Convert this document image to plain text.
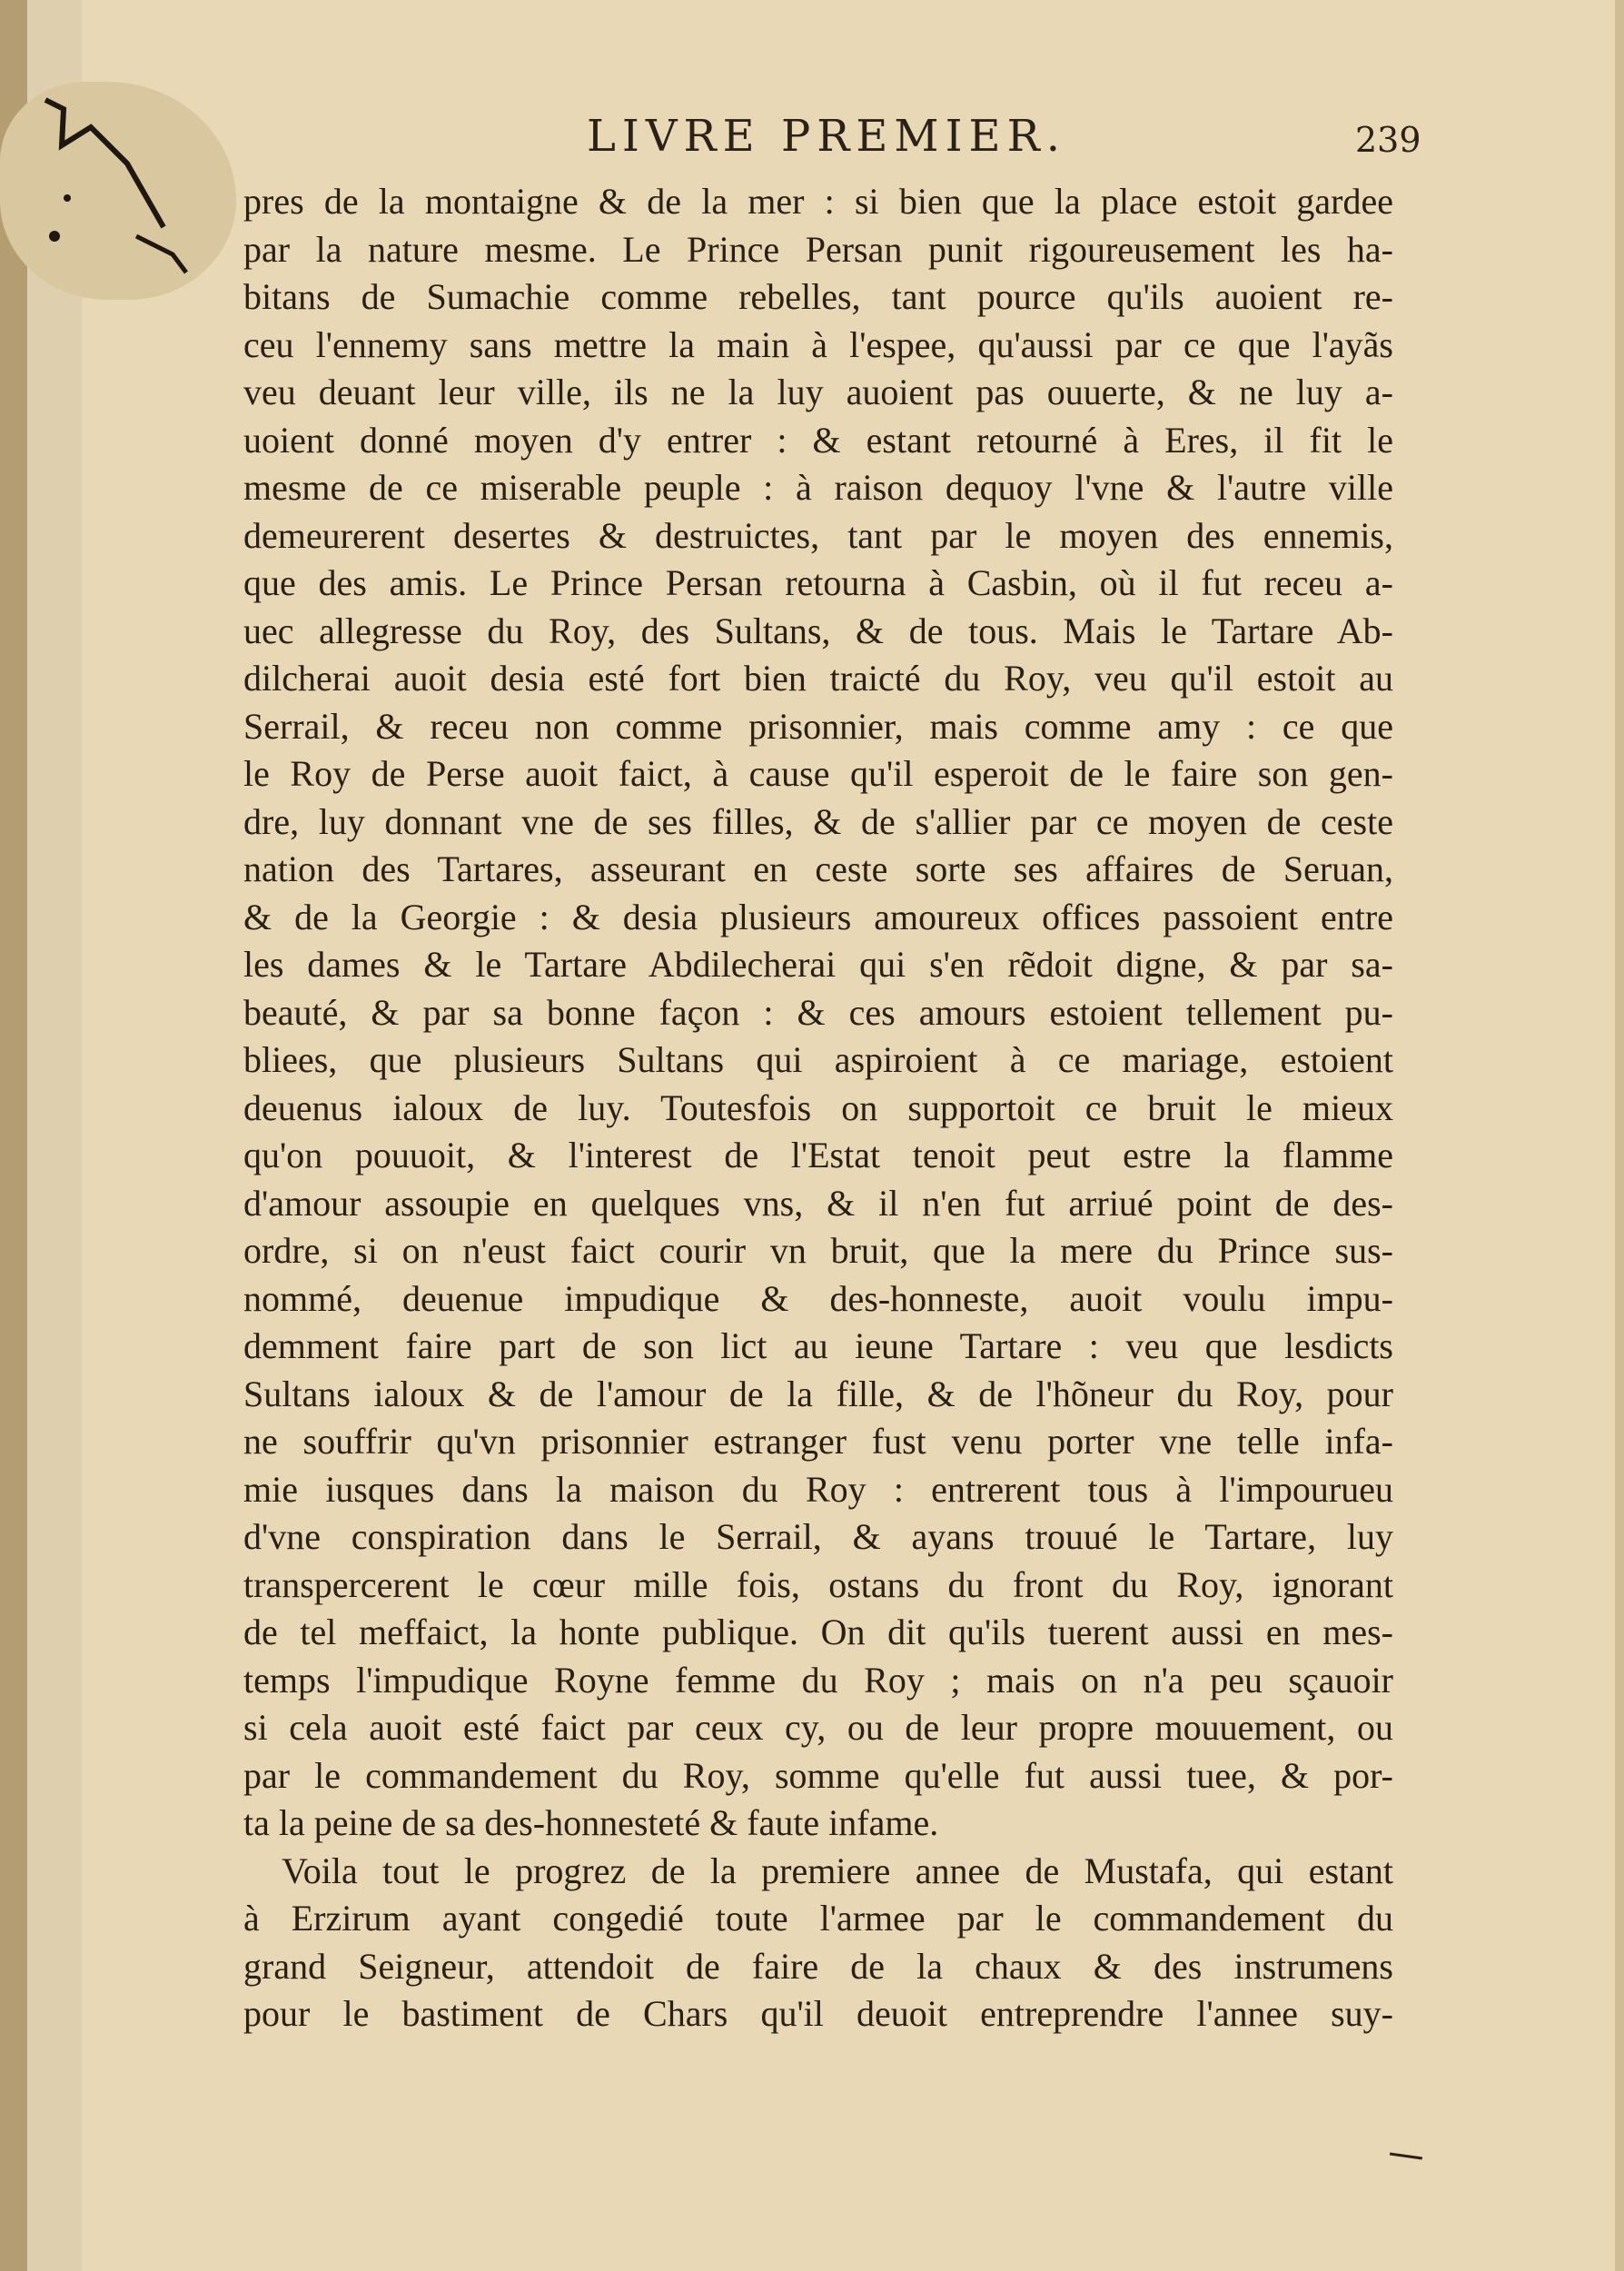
LIVRE PREMIER.	239
pres de la montaigne & de la mer : si bien que la place estoit gardee
par la nature mesme. Le Prince Persan punit rigoureusement les ha-
bitans de Sumachie comme rebelles, tant pource qu'ils auoient re-
ceu l'ennemy sans mettre la main à l'espee, qu'aussi par ce que l'ayãs
veu deuant leur ville, ils ne la luy auoient pas ouuerte, & ne luy a-
uoient donné moyen d'y entrer : & estant retourné à Eres, il fit le
mesme de ce miserable peuple : à raison dequoy l'vne & l'autre ville
demeurerent desertes & destruictes, tant par le moyen des ennemis,
que des amis. Le Prince Persan retourna à Casbin, où il fut receu a-
uec allegresse du Roy, des Sultans, & de tous. Mais le Tartare Ab-
dilcherai auoit desia esté fort bien traicté du Roy, veu qu'il estoit au
Serrail, & receu non comme prisonnier, mais comme amy : ce que
le Roy de Perse auoit faict, à cause qu'il esperoit de le faire son gen-
dre, luy donnant vne de ses filles, & de s'allier par ce moyen de ceste
nation des Tartares, asseurant en ceste sorte ses affaires de Seruan,
& de la Georgie : & desia plusieurs amoureux offices passoient entre
les dames & le Tartare Abdilecherai qui s'en rẽdoit digne, & par sa-
beauté, & par sa bonne façon : & ces amours estoient tellement pu-
bliees, que plusieurs Sultans qui aspiroient à ce mariage, estoient
deuenus ialoux de luy. Toutesfois on supportoit ce bruit le mieux
qu'on pouuoit, & l'interest de l'Estat tenoit peut estre la flamme
d'amour assoupie en quelques vns, & il n'en fut arriué point de des-
ordre, si on n'eust faict courir vn bruit, que la mere du Prince sus-
nommé, deuenue impudique & des-honneste, auoit voulu impu-
demment faire part de son lict au ieune Tartare : veu que lesdicts
Sultans ialoux & de l'amour de la fille, & de l'hõneur du Roy, pour
ne souffrir qu'vn prisonnier estranger fust venu porter vne telle infa-
mie iusques dans la maison du Roy : entrerent tous à l'impourueu
d'vne conspiration dans le Serrail, & ayans trouué le Tartare, luy
transpercerent le cœur mille fois, ostans du front du Roy, ignorant
de tel meffaict, la honte publique. On dit qu'ils tuerent aussi en mes-
temps l'impudique Royne femme du Roy ; mais on n'a peu sçauoir
si cela auoit esté faict par ceux cy, ou de leur propre mouuement, ou
par le commandement du Roy, somme qu'elle fut aussi tuee, & por-
ta la peine de sa des-honnesteté & faute infame.
Voila tout le progrez de la premiere annee de Mustafa, qui estant
à Erzirum ayant congedié toute l'armee par le commandement du
grand Seigneur, attendoit de faire de la chaux & des instrumens
pour le bastiment de Chars qu'il deuoit entreprendre l'annee suy-
